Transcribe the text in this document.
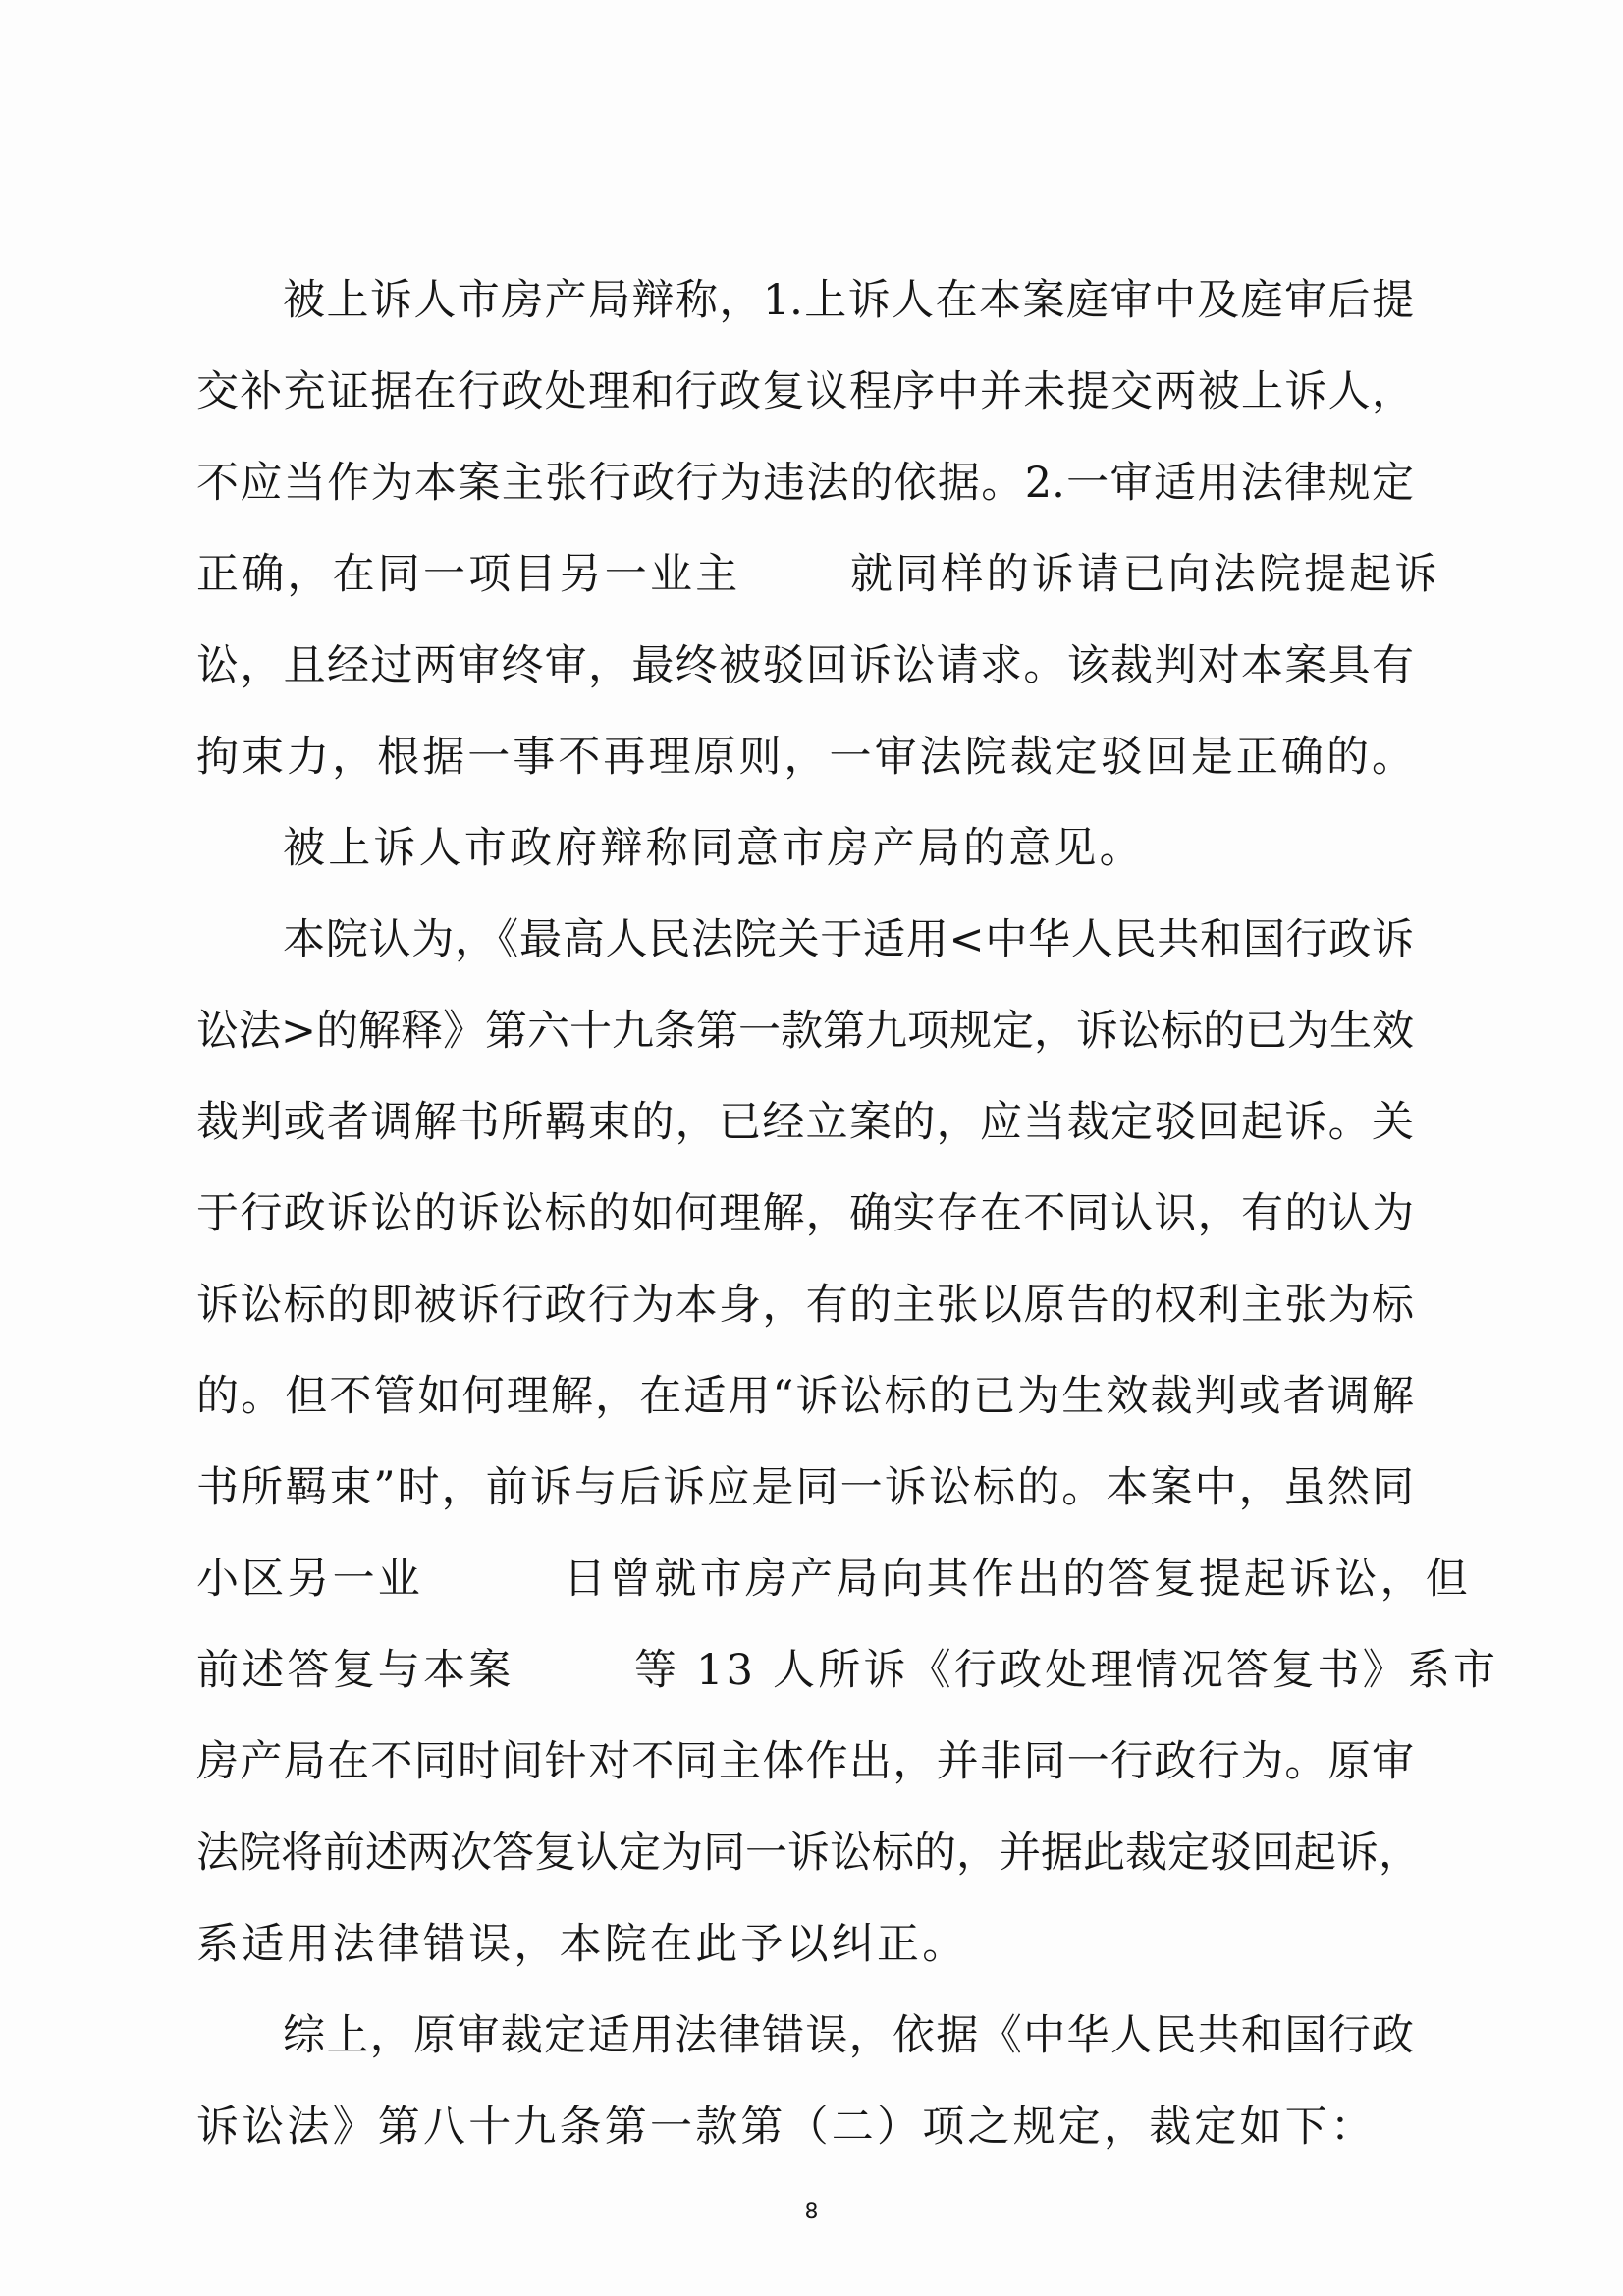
被上诉人市房产局辩称，1.上诉人在本案庭审中及庭审后提
交补充证据在行政处理和行政复议程序中并未提交两被上诉人，
不应当作为本案主张行政行为违法的依据。2.一审适用法律规定
正确，在同一项目另一业主	就同样的诉请已向法院提起诉
讼，且经过两审终审，最终被驳回诉讼请求。该裁判对本案具有
拘束力，根据一事不再理原则，一审法院裁定驳回是正确的。
被上诉人市政府辩称同意市房产局的意见。
本院认为，《最高人民法院关于适用<中华人民共和国行政诉
讼法>的解释》第六十九条第一款第九项规定，诉讼标的已为生效
裁判或者调解书所羁束的，已经立案的，应当裁定驳回起诉。关
于行政诉讼的诉讼标的如何理解，确实存在不同认识，有的认为
诉讼标的即被诉行政行为本身，有的主张以原告的权利主张为标
的。但不管如何理解，在适用“诉讼标的已为生效裁判或者调解
书所羁束”时，前诉与后诉应是同一诉讼标的。本案中，虽然同
小区另一业	日曾就市房产局向其作出的答复提起诉讼，但
前述答复与本案	等 13 人所诉《行政处理情况答复书》系市
房产局在不同时间针对不同主体作出，并非同一行政行为。原审
法院将前述两次答复认定为同一诉讼标的，并据此裁定驳回起诉，
系适用法律错误，本院在此予以纠正。
综上，原审裁定适用法律错误，依据《中华人民共和国行政
诉讼法》第八十九条第一款第（二）项之规定，裁定如下：
8
